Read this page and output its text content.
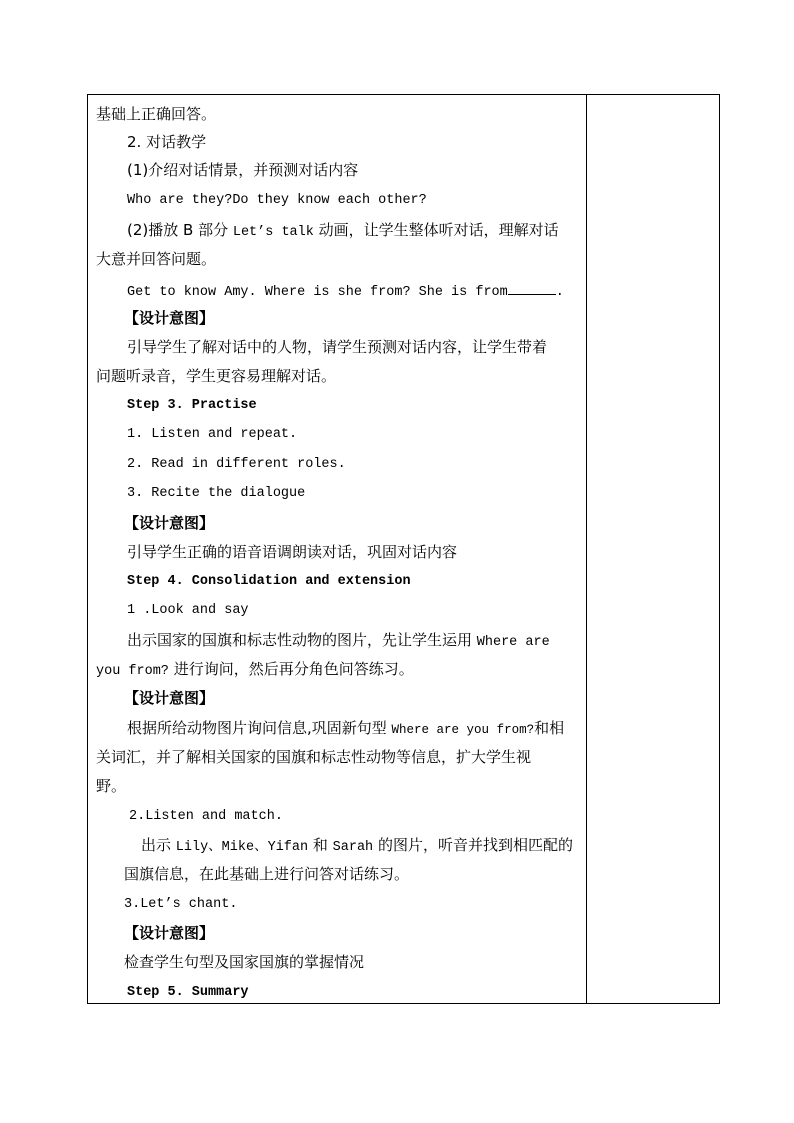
基础上正确回答。
2. 对话教学
(1)介绍对话情景，并预测对话内容
Who are they?Do they know each other?
(2)播放 B 部分 Let’s talk 动画，让学生整体听对话，理解对话
大意并回答问题。
Get to know Amy. Where is she from? She is from	.
【设计意图】
引导学生了解对话中的人物，请学生预测对话内容，让学生带着
问题听录音，学生更容易理解对话。
Step 3. Practise
1. Listen and repeat.
2. Read in different roles.
3. Recite the dialogue
【设计意图】
引导学生正确的语音语调朗读对话，巩固对话内容
Step 4. Consolidation and extension
1 .Look and say
出示国家的国旗和标志性动物的图片，先让学生运用 Where are
you from? 进行询问，然后再分角色问答练习。
【设计意图】
根据所给动物图片询问信息,巩固新句型 Where are you from?和相
关词汇，并了解相关国家的国旗和标志性动物等信息，扩大学生视
野。
2.Listen and match.
出示 Lily、Mike、Yifan 和 Sarah 的图片，听音并找到相匹配的
国旗信息，在此基础上进行问答对话练习。
3.Let’s chant.
【设计意图】
检查学生句型及国家国旗的掌握情况
Step 5. Summary
